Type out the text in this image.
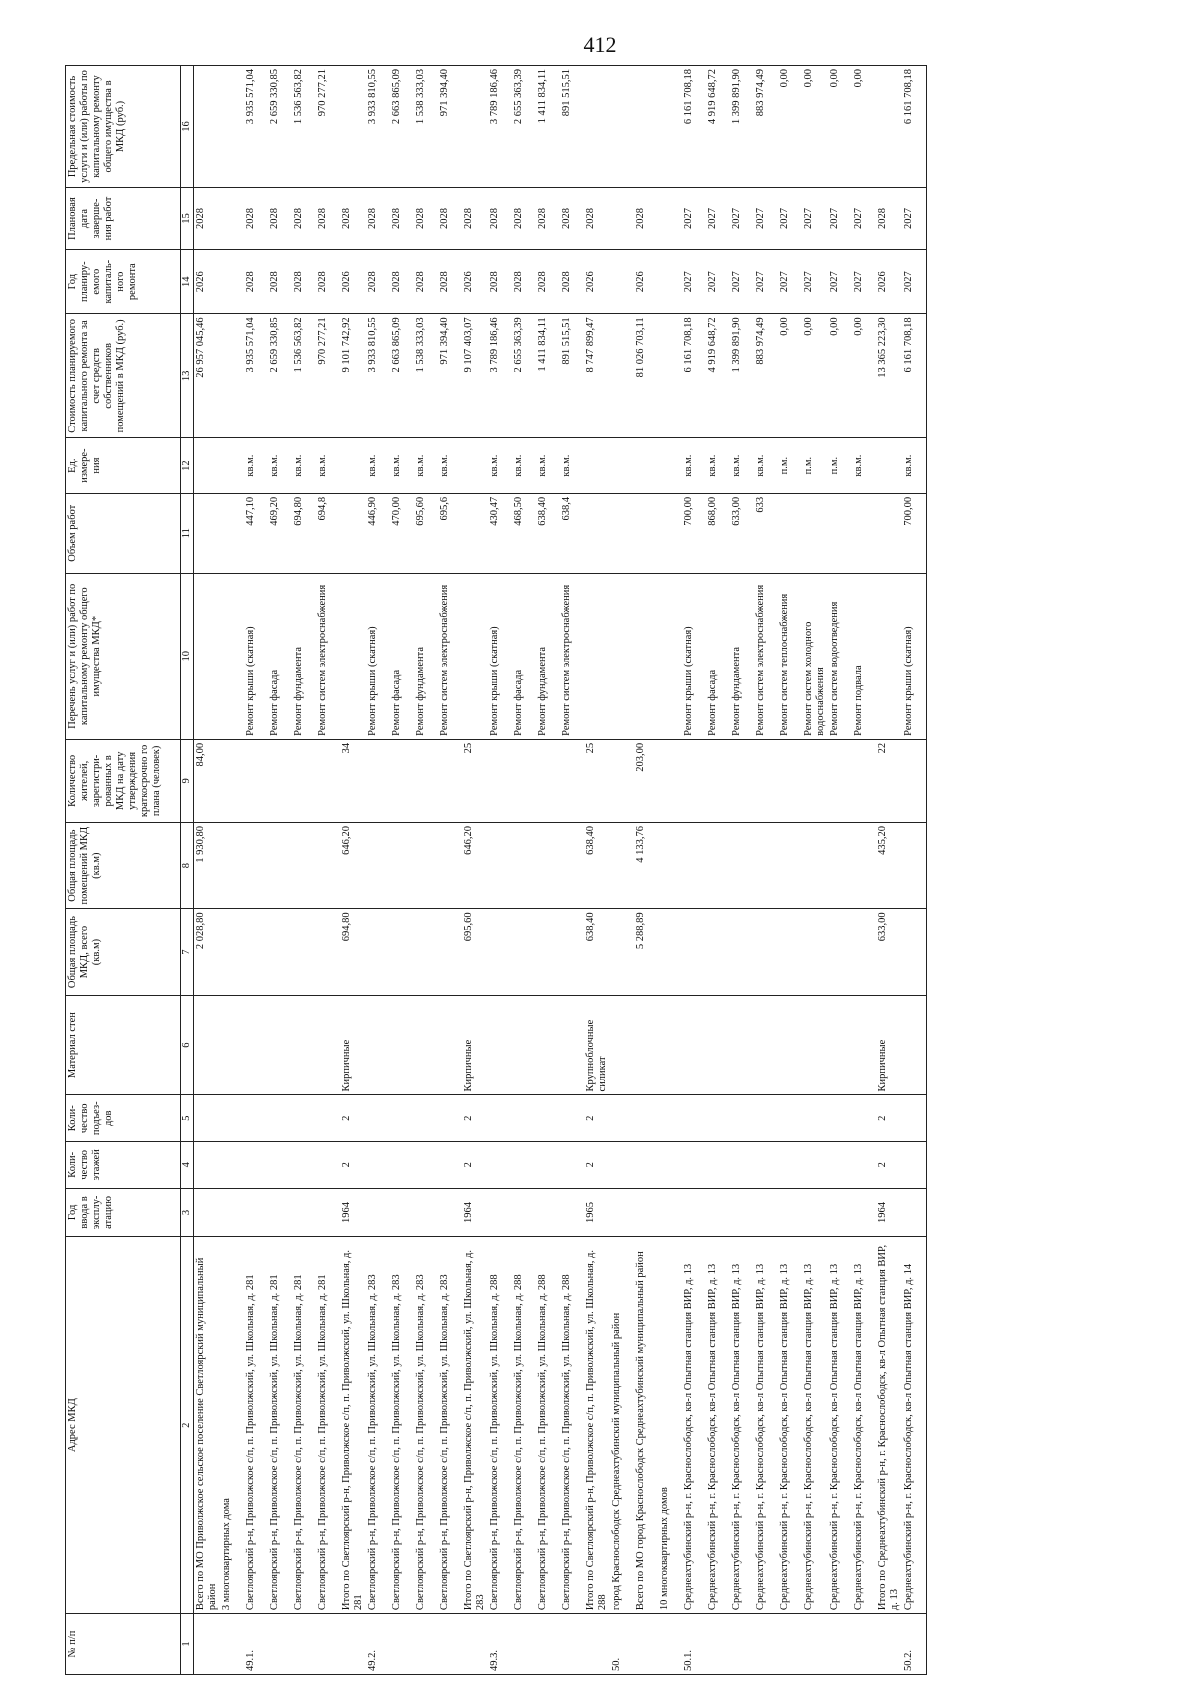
412
№ п/п	Адрес МКД	Год ввода в эксплу-атацию	Коли-чество этажей	Коли-чество подъез-дов	Материал стен	Общая площадь МКД, всего (кв.м)	Общая площадь помещений МКД (кв.м)	Количество жителей, зарегистри-рованных в МКД на дату утверждения краткосрочно го плана (человек)	Перечень услуг и (или) работ по капитальному ремонту общего имущества МКД*	Объем работ	Ед. измере-ния	Стоимость планируемого капитального ремонта за счет средств собственников помещений в МКД (руб.)	Год планиру-емого капиталь-ного ремонта	Плановая дата заверше-ния работ	Предельная стоимость услуги и (или) работы по капитальному ремонту общего имущества в МКД (руб.)
1	2	3	4	5	6	7	8	9	10	11	12	13	14	15	16
	Всего по МО Приволжское сельское поселение Светлоярский муниципальный район					2 028,80	1 930,80	84,00				26 957 045,46	2026	2028	
	3 многоквартирных дома														
49.1.	Светлоярский р-н, Приволжское с/п, п. Приволжский, ул. Школьная, д. 281								Ремонт крыши (скатная)	447,10	кв.м.	3 935 571,04	2028	2028	3 935 571,04
	Светлоярский р-н, Приволжское с/п, п. Приволжский, ул. Школьная, д. 281								Ремонт фасада	469,20	кв.м.	2 659 330,85	2028	2028	2 659 330,85
	Светлоярский р-н, Приволжское с/п, п. Приволжский, ул. Школьная, д. 281								Ремонт фундамента	694,80	кв.м.	1 536 563,82	2028	2028	1 536 563,82
	Светлоярский р-н, Приволжское с/п, п. Приволжский, ул. Школьная, д. 281								Ремонт систем электроснабжения	694,8	кв.м.	970 277,21	2028	2028	970 277,21
	Итого по Светлоярский р-н, Приволжское с/п, п. Приволжский, ул. Школьная, д. 281	1964	2	2	Кирпичные	694,80	646,20	34				9 101 742,92	2026	2028	
49.2.	Светлоярский р-н, Приволжское с/п, п. Приволжский, ул. Школьная, д. 283								Ремонт крыши (скатная)	446,90	кв.м.	3 933 810,55	2028	2028	3 933 810,55
	Светлоярский р-н, Приволжское с/п, п. Приволжский, ул. Школьная, д. 283								Ремонт фасада	470,00	кв.м.	2 663 865,09	2028	2028	2 663 865,09
	Светлоярский р-н, Приволжское с/п, п. Приволжский, ул. Школьная, д. 283								Ремонт фундамента	695,60	кв.м.	1 538 333,03	2028	2028	1 538 333,03
	Светлоярский р-н, Приволжское с/п, п. Приволжский, ул. Школьная, д. 283								Ремонт систем электроснабжения	695,6	кв.м.	971 394,40	2028	2028	971 394,40
	Итого по Светлоярский р-н, Приволжское с/п, п. Приволжский, ул. Школьная, д. 283	1964	2	2	Кирпичные	695,60	646,20	25				9 107 403,07	2026	2028	
49.3.	Светлоярский р-н, Приволжское с/п, п. Приволжский, ул. Школьная, д. 288								Ремонт крыши (скатная)	430,47	кв.м.	3 789 186,46	2028	2028	3 789 186,46
	Светлоярский р-н, Приволжское с/п, п. Приволжский, ул. Школьная, д. 288								Ремонт фасада	468,50	кв.м.	2 655 363,39	2028	2028	2 655 363,39
	Светлоярский р-н, Приволжское с/п, п. Приволжский, ул. Школьная, д. 288								Ремонт фундамента	638,40	кв.м.	1 411 834,11	2028	2028	1 411 834,11
	Светлоярский р-н, Приволжское с/п, п. Приволжский, ул. Школьная, д. 288								Ремонт систем электроснабжения	638,4	кв.м.	891 515,51	2028	2028	891 515,51
	Итого по Светлоярский р-н, Приволжское с/п, п. Приволжский, ул. Школьная, д. 288	1965	2	2	Крупноблочные силикат	638,40	638,40	25				8 747 899,47	2026	2028	
50.	город Краснослободск Среднеахтубинский муниципальный район														
	Всего по МО город Краснослободск Среднеахтубинский муниципальный район					5 288,89	4 133,76	203,00				81 026 703,11	2026	2028	
	10 многоквартирных домов														
50.1.	Среднеахтубинский р-н, г. Краснослободск, кв-л Опытная станция ВИР, д. 13								Ремонт крыши (скатная)	700,00	кв.м.	6 161 708,18	2027	2027	6 161 708,18
	Среднеахтубинский р-н, г. Краснослободск, кв-л Опытная станция ВИР, д. 13								Ремонт фасада	868,00	кв.м.	4 919 648,72	2027	2027	4 919 648,72
	Среднеахтубинский р-н, г. Краснослободск, кв-л Опытная станция ВИР, д. 13								Ремонт фундамента	633,00	кв.м.	1 399 891,90	2027	2027	1 399 891,90
	Среднеахтубинский р-н, г. Краснослободск, кв-л Опытная станция ВИР, д. 13								Ремонт систем электроснабжения	633	кв.м.	883 974,49	2027	2027	883 974,49
	Среднеахтубинский р-н, г. Краснослободск, кв-л Опытная станция ВИР, д. 13								Ремонт систем теплоснабжения		п.м.	0,00	2027	2027	0,00
	Среднеахтубинский р-н, г. Краснослободск, кв-л Опытная станция ВИР, д. 13								Ремонт систем холодного водоснабжения		п.м.	0,00	2027	2027	0,00
	Среднеахтубинский р-н, г. Краснослободск, кв-л Опытная станция ВИР, д. 13								Ремонт систем водоотведения		п.м.	0,00	2027	2027	0,00
	Среднеахтубинский р-н, г. Краснослободск, кв-л Опытная станция ВИР, д. 13								Ремонт подвала		кв.м.	0,00	2027	2027	0,00
	Итого по Среднеахтубинский р-н, г. Краснослободск, кв-л Опытная станция ВИР, д. 13	1964	2	2	Кирпичные	633,00	435,20	22				13 365 223,30	2026	2028	
50.2.	Среднеахтубинский р-н, г. Краснослободск, кв-л Опытная станция ВИР, д. 14								Ремонт крыши (скатная)	700,00	кв.м.	6 161 708,18	2027	2027	6 161 708,18
